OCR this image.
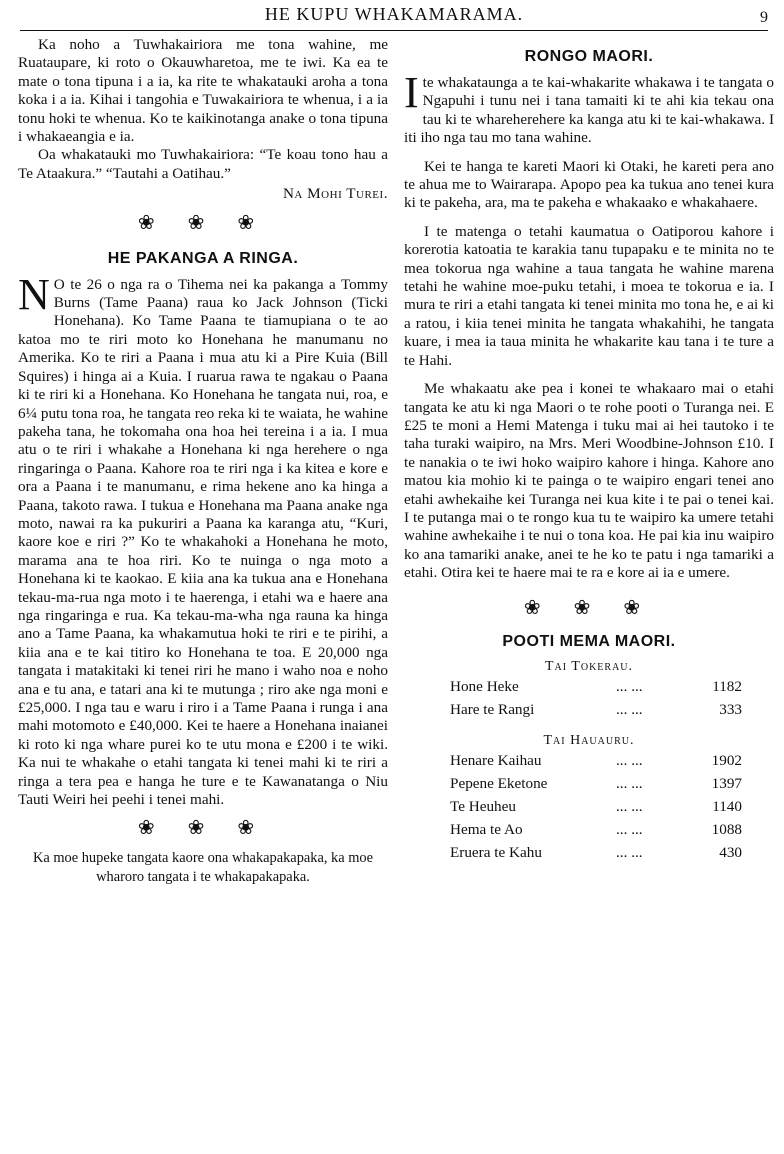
HE KUPU WHAKAMARAMA.	9

Ka noho a Tuwhakairiora me tona wahine, me Ruataupare, ki roto o Okauwharetoa, me te iwi. Ka ea te mate o tona tipuna i a ia, ka rite te whakatauki aroha a tona koka i a ia. Kihai i tangohia e Tuwakairiora te whenua, i a ia tonu hoki te whenua. Ko te kaikinotanga anake o tona tipuna i whakaeangia e ia.

Oa whakatauki mo Tuwhakairiora: “Te koau tono hau a Te Ataakura.” “Tautahi a Oatihau.”

Na Mohi Turei.

❀ ❀ ❀
HE PAKANGA A RINGA.
N O te 26 o nga ra o Tihema nei ka pakanga a Tommy Burns (Tame Paana) raua ko Jack Johnson (Ticki Honehana). Ko Tame Paana te tiamupiana o te ao katoa mo te riri moto ko Honehana he manumanu no Amerika. Ko te riri a Paana i mua atu ki a Pire Kuia (Bill Squires) i hinga ai a Kuia. I ruarua rawa te ngakau o Paana ki te riri ki a Honehana. Ko Honehana he tangata nui, roa, e 6¼ putu tona roa, he tangata reo reka ki te waiata, he wahine pakeha tana, he tokomaha ona hoa hei tereina i a ia. I mua atu o te riri i whakahe a Honehana ki nga herehere o nga ringaringa o Paana. Kahore roa te riri nga i ka kitea e kore e ora a Paana i te manumanu, e rima hekene ano ka hinga a Paana, takoto rawa. I tukua e Honehana ma Paana anake nga moto, nawai ra ka pukuriri a Paana ka karanga atu, “Kuri, kaore koe e riri ?” Ko te whakahoki a Honehana he moto, marama ana te hoa riri. Ko te nuinga o nga moto a Honehana ki te kaokao. E kiia ana ka tukua ana e Honehana tekau-ma-rua nga moto i te haerenga, i etahi wa e haere ana nga ringaringa e rua. Ka tekau-ma-wha nga rauna ka hinga ano a Tame Paana, ka whakamutua hoki te riri e te pirihi, a kiia ana e te kai titiro ko Honehana te toa. E 20,000 nga tangata i matakitaki ki tenei riri he mano i waho noa e noho ana e tu ana, e tatari ana ki te mutunga ; riro ake nga moni e £25,000. I nga tau e waru i riro i a Tame Paana i runga i ana mahi motomoto e £40,000. Kei te haere a Honehana inaianei ki roto ki nga whare purei ko te utu mona e £200 i te wiki. Ka nui te whakahe o etahi tangata ki tenei mahi ki te riri a ringa a tera pea e hanga he ture e te Kawanatanga o Niu Tauti Weiri hei peehi i tenei mahi.

❀ ❀ ❀

Ka moe hupeke tangata kaore ona whakapakapaka, ka moe wharoro tangata i te whakapakapaka.

RONGO MAORI.
I te whakataunga a te kai-whakarite whakawa i te tangata o Ngapuhi i tunu nei i tana tamaiti ki te ahi kia tekau ona tau ki te whareherehere ka kanga atu ki te kai-whakawa. I iti iho nga tau mo tana wahine.

Kei te hanga te kareti Maori ki Otaki, he kareti pera ano te ahua me to Wairarapa. Apopo pea ka tukua ano tenei kura ki te pakeha, ara, ma te pakeha e whakaako e whakahaere.

I te matenga o tetahi kaumatua o Oatiporou kahore i korerotia katoatia te karakia tanu tupapaku e te minita no te mea tokorua nga wahine a taua tangata he wahine marena tetahi he wahine moe-puku tetahi, i moea te tokorua e ia. I mura te riri a etahi tangata ki tenei minita mo tona he, e ai ki a ratou, i kiia tenei minita he tangata whakahihi, he tangata kuare, i mea ia taua minita he whakarite kau tana i te ture a te Hahi.

Me whakaatu ake pea i konei te whakaaro mai o etahi tangata ke atu ki nga Maori o te rohe pooti o Turanga nei. E £25 te moni a Hemi Matenga i tuku mai ai hei tautoko i te taha turaki waipiro, na Mrs. Meri Woodbine-Johnson £10. I te nanakia o te iwi hoko waipiro kahore i hinga. Kahore ano matou kia mohio ki te painga o te waipiro engari tenei ano etahi awhekaihe kei Turanga nei kua kite i te pai o tenei kai. I te putanga mai o te rongo kua tu te waipiro ka umere tetahi wahine awhekaihe i te nui o tona koa. He pai kia inu waipiro ko ana tamariki anake, anei te he ko te patu i nga tamariki a etahi. Otira kei te haere mai te ra e kore ai ia e umere.

❀ ❀ ❀
POOTI MEMA MAORI.
Tai Tokerau.
Hone Heke	... ...	1182
Hare te Rangi	... ...	333
Tai Hauauru.
Henare Kaihau	... ...	1902
Pepene Eketone	... ...	1397
Te Heuheu	... ...	1140
Hema te Ao	... ...	1088
Eruera te Kahu	... ...	430
